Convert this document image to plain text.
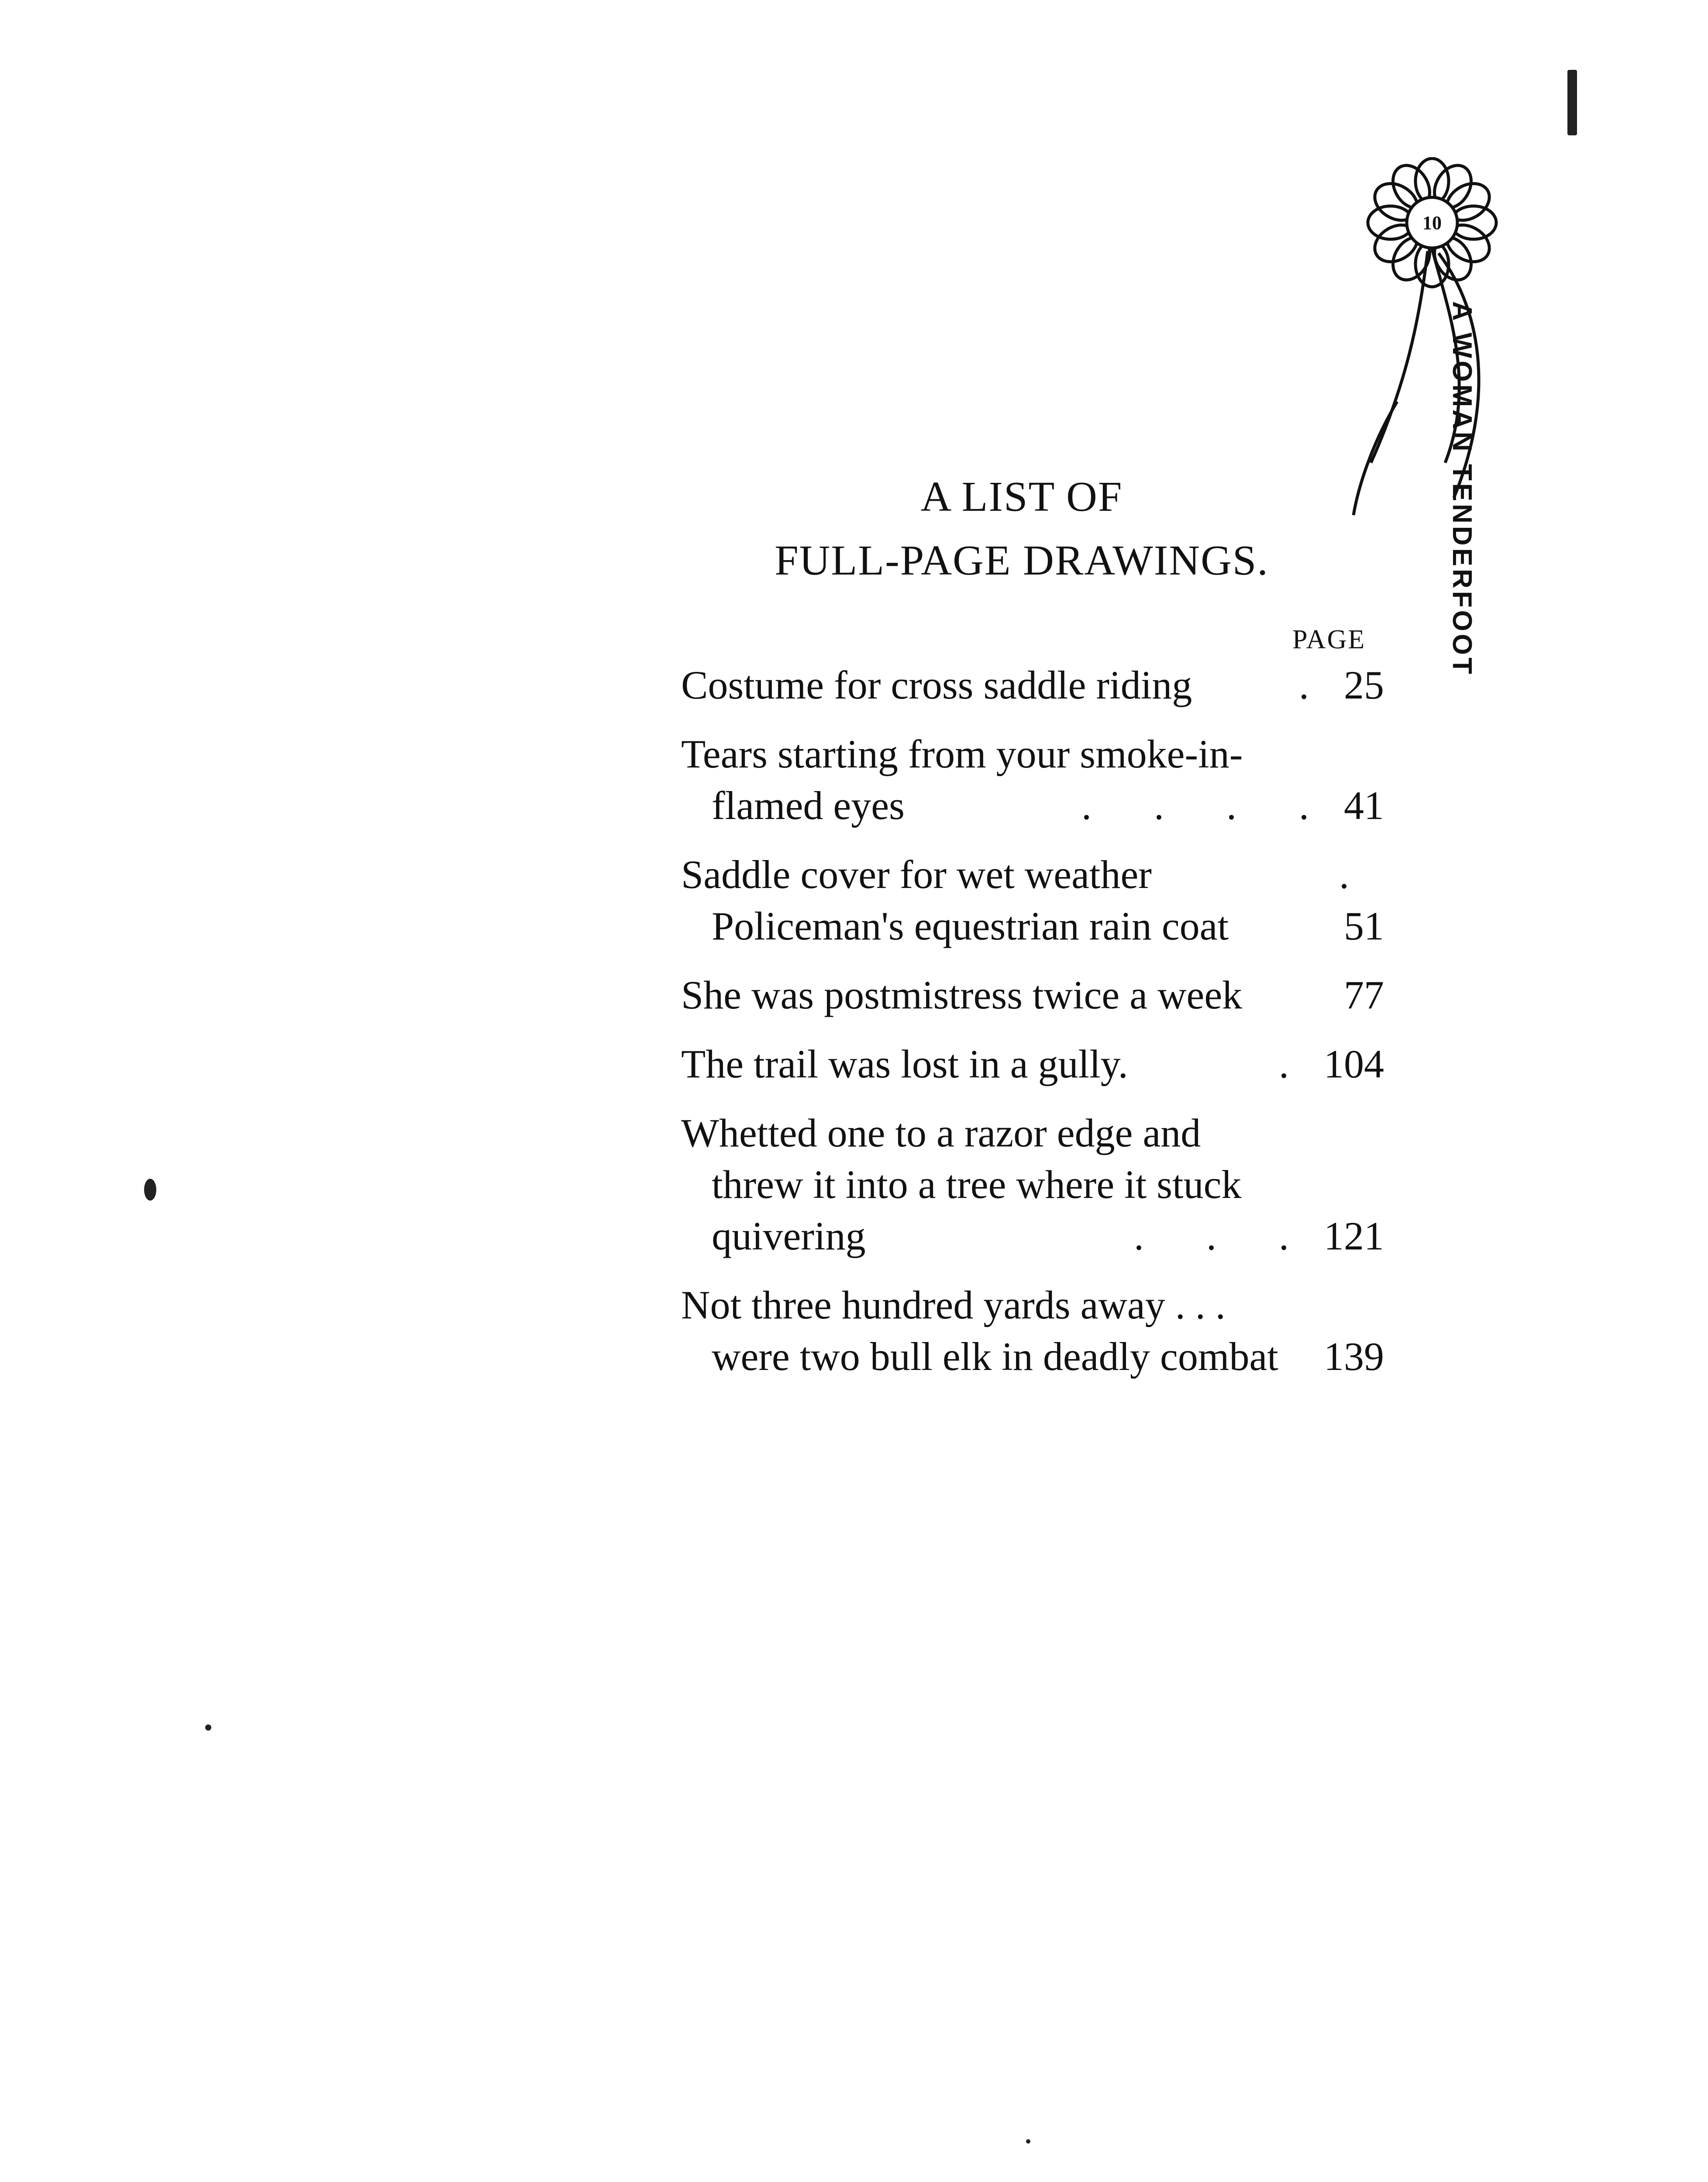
10
A WOMAN TENDERFOOT
A LIST OF
FULL-PAGE DRAWINGS.
PAGE
Costume for cross saddle riding	. 25
Tears starting from your smoke-in-
flamed eyes	. . . . 41
Saddle cover for wet weather	.
Policeman's equestrian rain coat	51
She was postmistress twice a week	77
The trail was lost in a gully.	. 104
Whetted one to a razor edge and
threw it into a tree where it stuck
quivering	. . . 121
Not three hundred yards away . . .
were two bull elk in deadly combat 139
